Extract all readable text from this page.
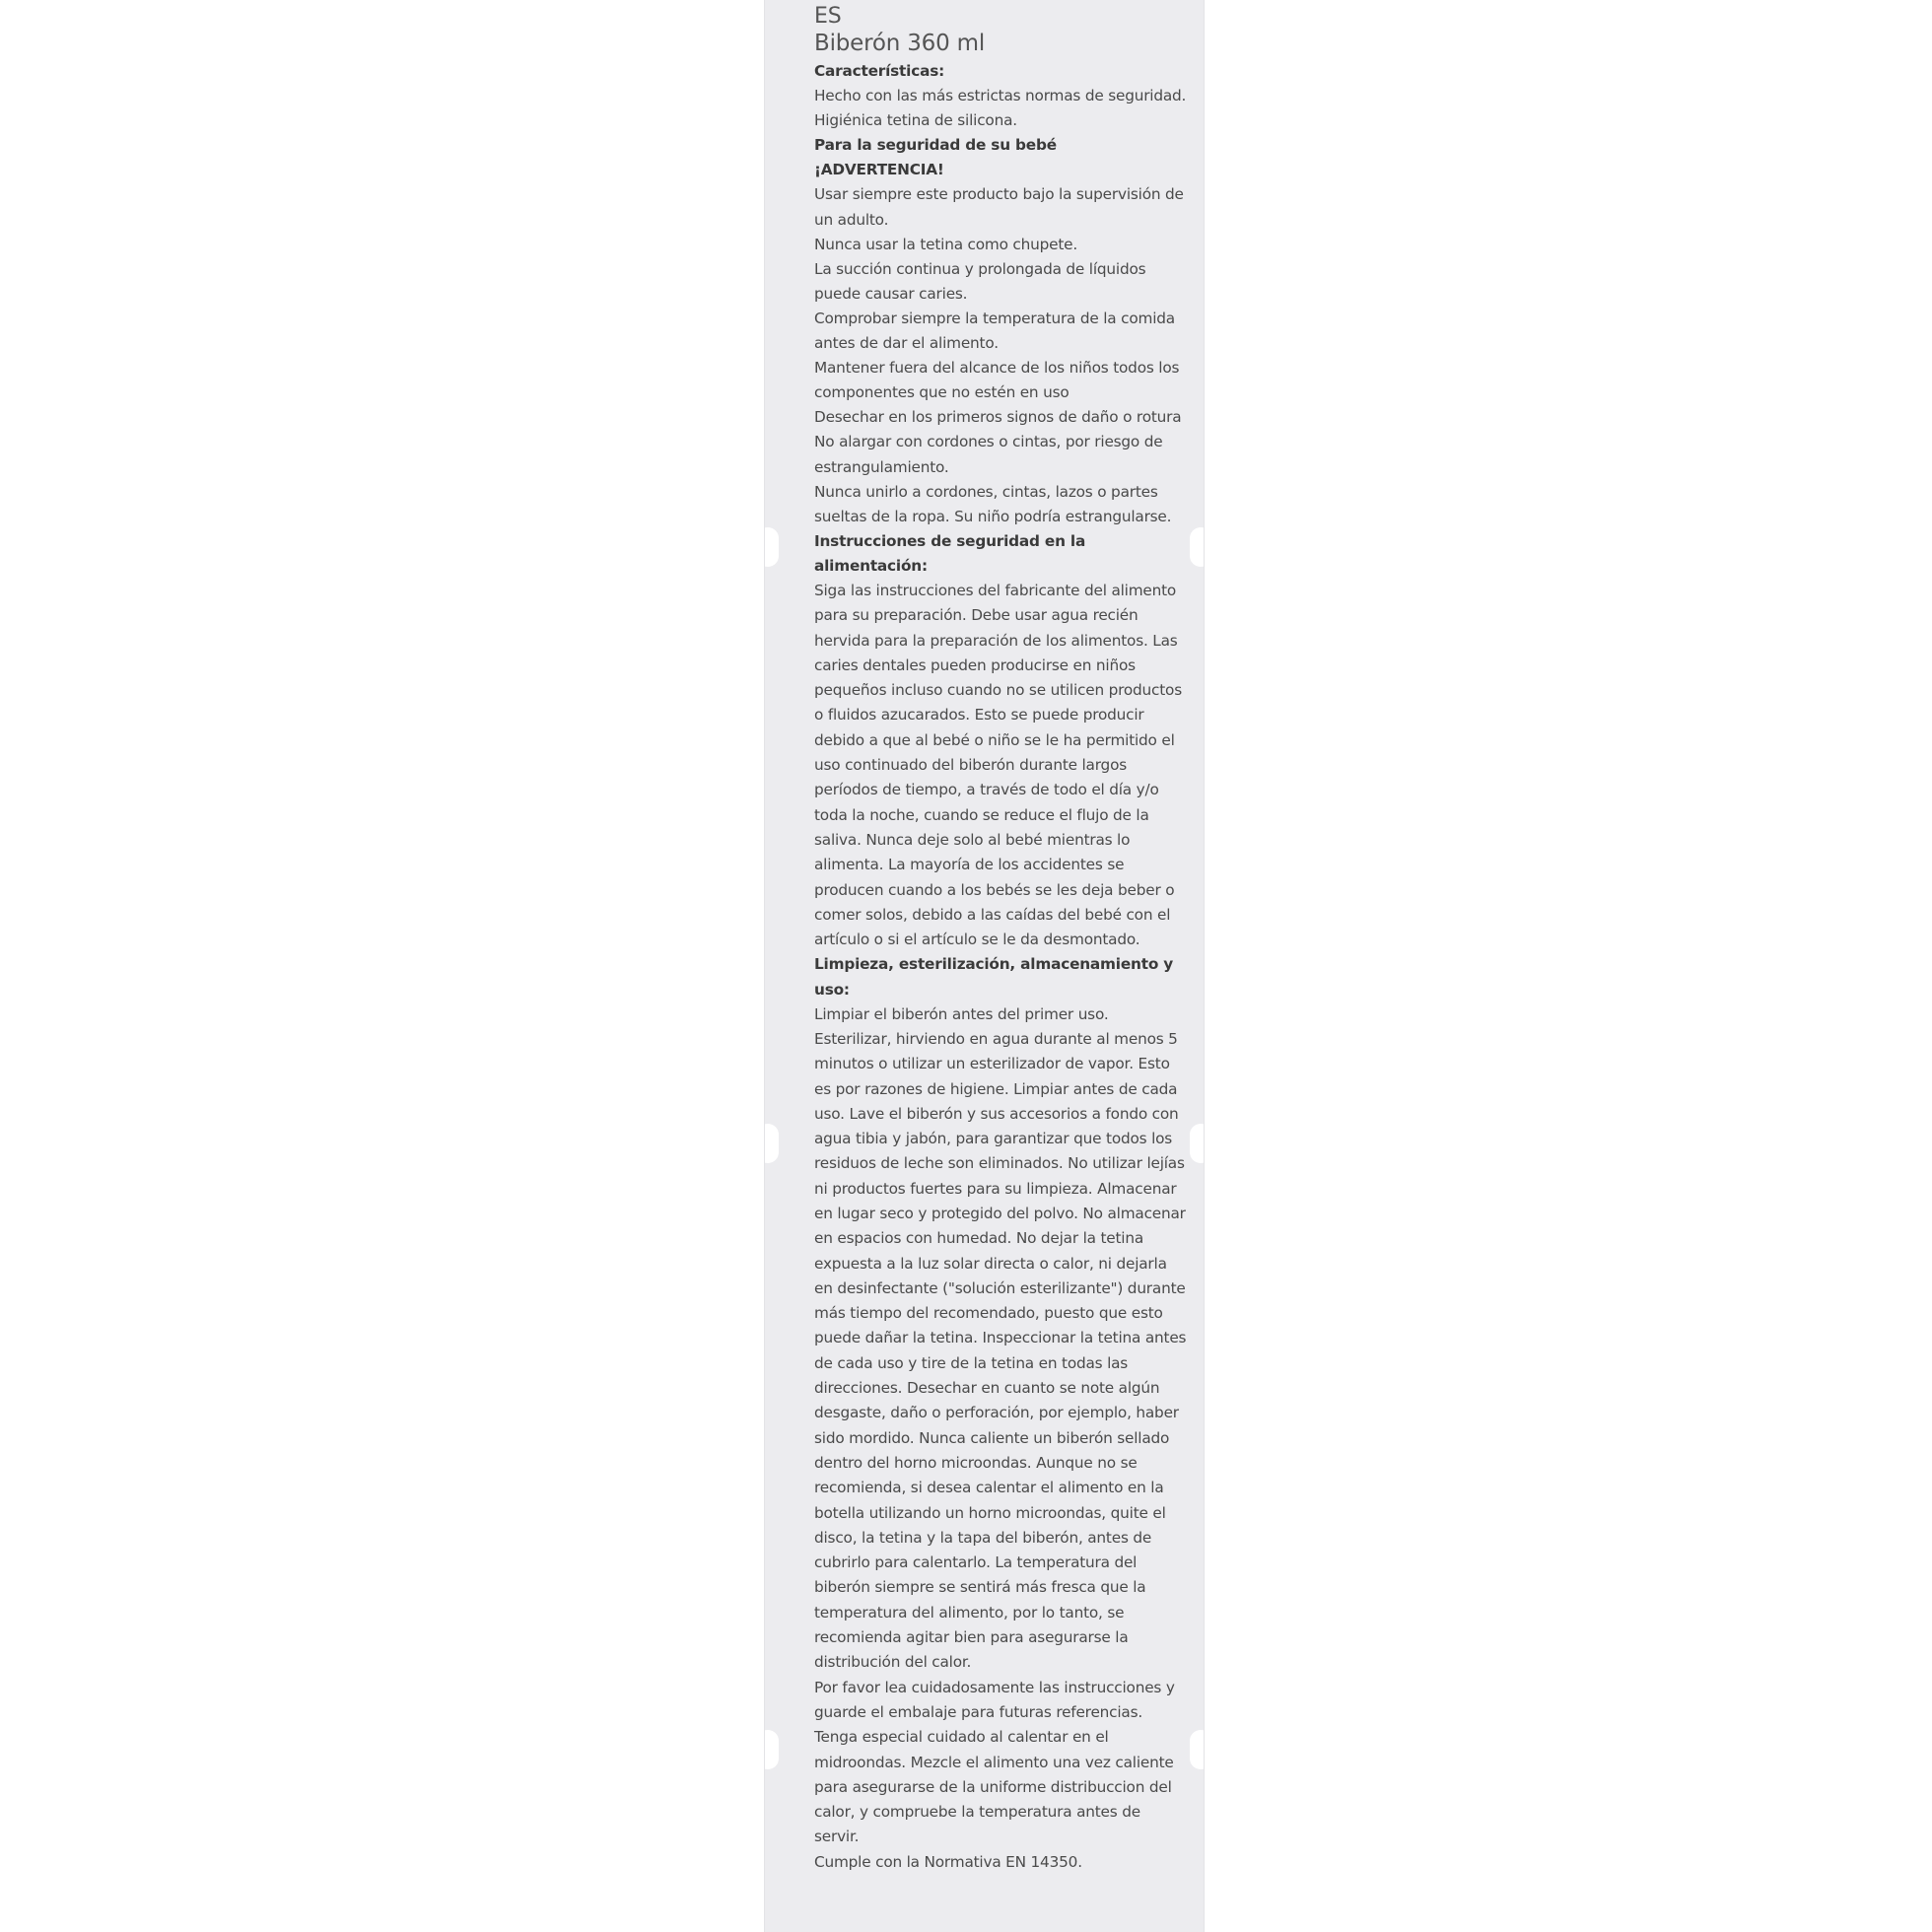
ES
Biberón 360 ml
Características:

Hecho con las más estrictas normas de seguridad. Higiénica tetina de silicona.

Para la seguridad de su bebé
¡ADVERTENCIA!

Usar siempre este producto bajo la supervisión de un adulto.

Nunca usar la tetina como chupete.

La succión continua y prolongada de líquidos puede causar caries.

Comprobar siempre la temperatura de la comida antes de dar el alimento.

Mantener fuera del alcance de los niños todos los componentes que no estén en uso

Desechar en los primeros signos de daño o rotura

No alargar con cordones o cintas, por riesgo de estrangulamiento.

Nunca unirlo a cordones, cintas, lazos o partes sueltas de la ropa. Su niño podría estrangularse.

Instrucciones de seguridad en la alimentación:

Siga las instrucciones del fabricante del alimento para su preparación. Debe usar agua recién hervida para la preparación de los alimentos. Las caries dentales pueden producirse en niños pequeños incluso cuando no se utilicen productos o fluidos azucarados. Esto se puede producir debido a que al bebé o niño se le ha permitido el uso continuado del biberón durante largos períodos de tiempo, a través de todo el día y/o toda la noche, cuando se reduce el flujo de la saliva. Nunca deje solo al bebé mientras lo alimenta. La mayoría de los accidentes se producen cuando a los bebés se les deja beber o comer solos, debido a las caídas del bebé con el artículo o si el artículo se le da desmontado.

Limpieza, esterilización, almacenamiento y uso:

Limpiar el biberón antes del primer uso. Esterilizar, hirviendo en agua durante al menos 5 minutos o utilizar un esterilizador de vapor. Esto es por razones de higiene. Limpiar antes de cada uso. Lave el biberón y sus accesorios a fondo con agua tibia y jabón, para garantizar que todos los residuos de leche son eliminados. No utilizar lejías ni productos fuertes para su limpieza. Almacenar en lugar seco y protegido del polvo. No almacenar en espacios con humedad. No dejar la tetina expuesta a la luz solar directa o calor, ni dejarla en desinfectante ("solución esterilizante") durante más tiempo del recomendado, puesto que esto puede dañar la tetina. Inspeccionar la tetina antes de cada uso y tire de la tetina en todas las direcciones. Desechar en cuanto se note algún desgaste, daño o perforación, por ejemplo, haber sido mordido. Nunca caliente un biberón sellado dentro del horno microondas. Aunque no se recomienda, si desea calentar el alimento en la botella utilizando un horno microondas, quite el disco, la tetina y la tapa del biberón, antes de cubrirlo para calentarlo. La temperatura del biberón siempre se sentirá más fresca que la temperatura del alimento, por lo tanto, se recomienda agitar bien para asegurarse la distribución del calor.

Por favor lea cuidadosamente las instrucciones y guarde el embalaje para futuras referencias. Tenga especial cuidado al calentar en el midroondas. Mezcle el alimento una vez caliente para asegurarse de la uniforme distribuccion del calor, y compruebe la temperatura antes de servir.

Cumple con la Normativa EN 14350.
